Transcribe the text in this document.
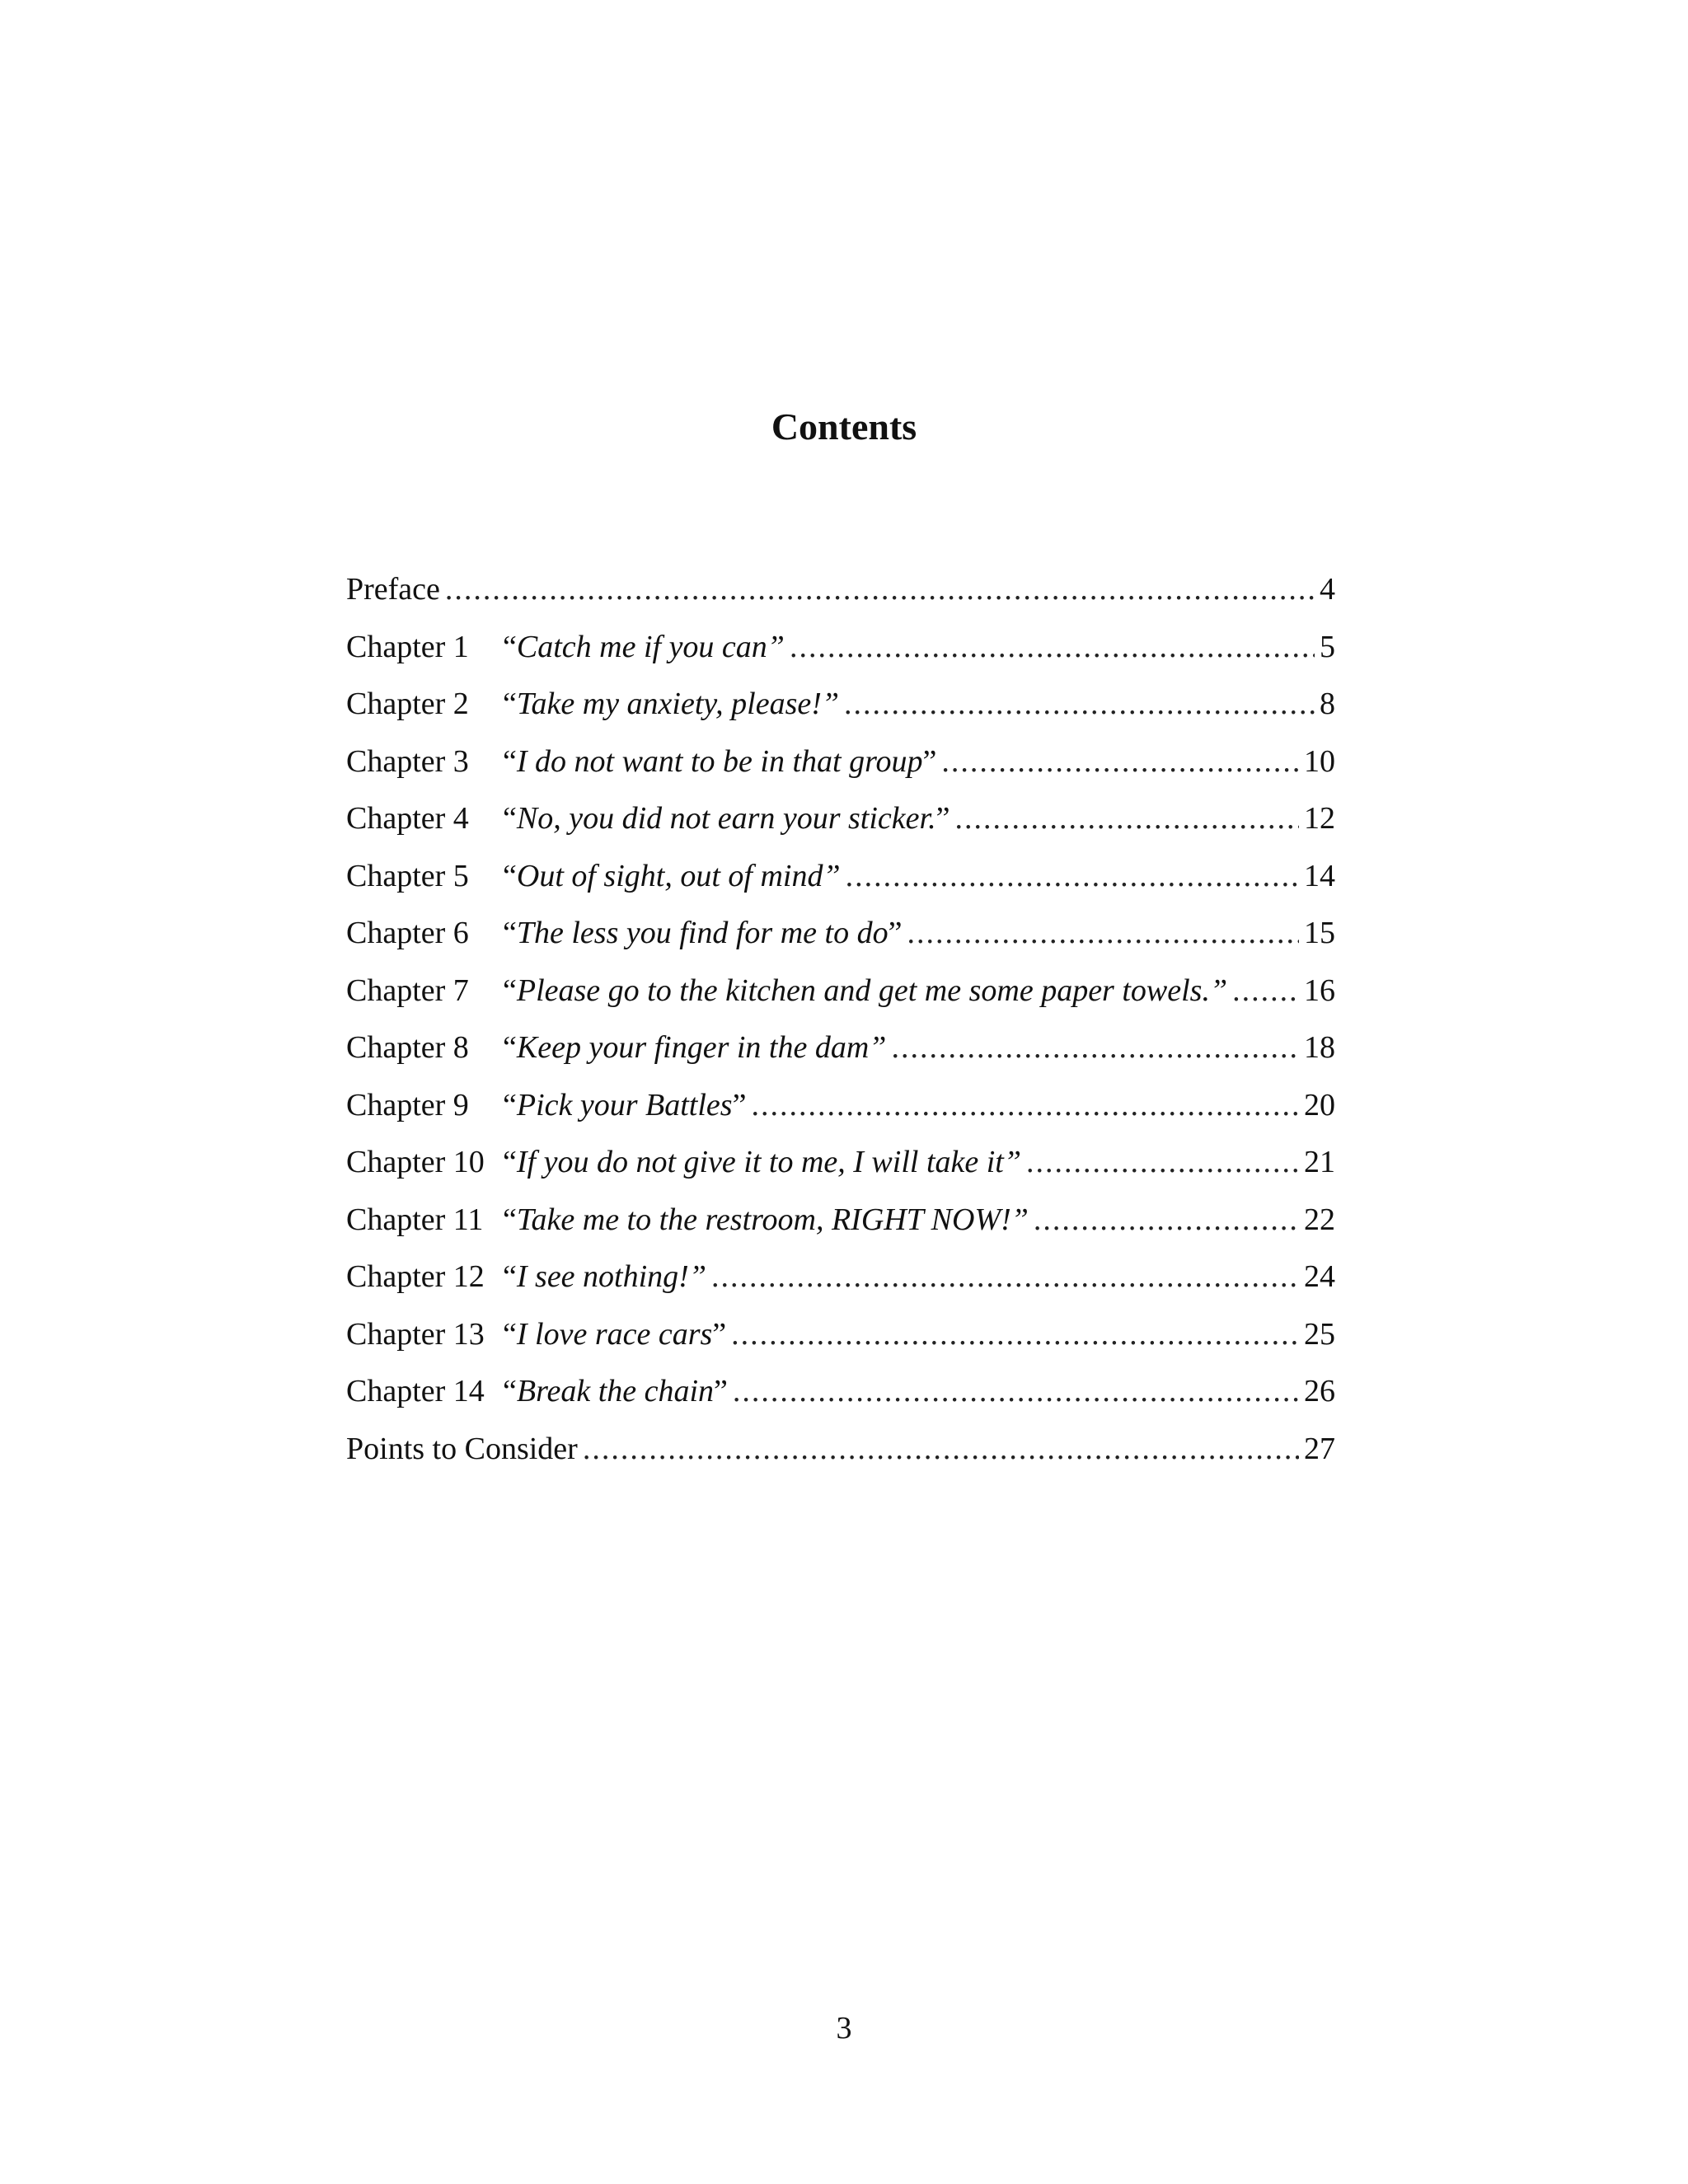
Contents
Preface .....	4
Chapter 1	“Catch me if you can” .....	5
Chapter 2	“Take my anxiety, please!” .....	8
Chapter 3	“I do not want to be in that group” .....	10
Chapter 4	“No, you did not earn your sticker.” .....	12
Chapter 5	“Out of sight, out of mind” .....	14
Chapter 6	“The less you find for me to do” .....	15
Chapter 7	“Please go to the kitchen and get me some paper towels.” ..... 16
Chapter 8	“Keep your finger in the dam” .....	18
Chapter 9	“Pick your Battles” .....	20
Chapter 10 “If you do not give it to me, I will take it” .....	21
Chapter 11 “Take me to the restroom, RIGHT NOW!” .....	22
Chapter 12 “I see nothing!” .....	24
Chapter 13 “I love race cars” .....	25
Chapter 14 “Break the chain” .....	26
Points to Consider .....	27
3
